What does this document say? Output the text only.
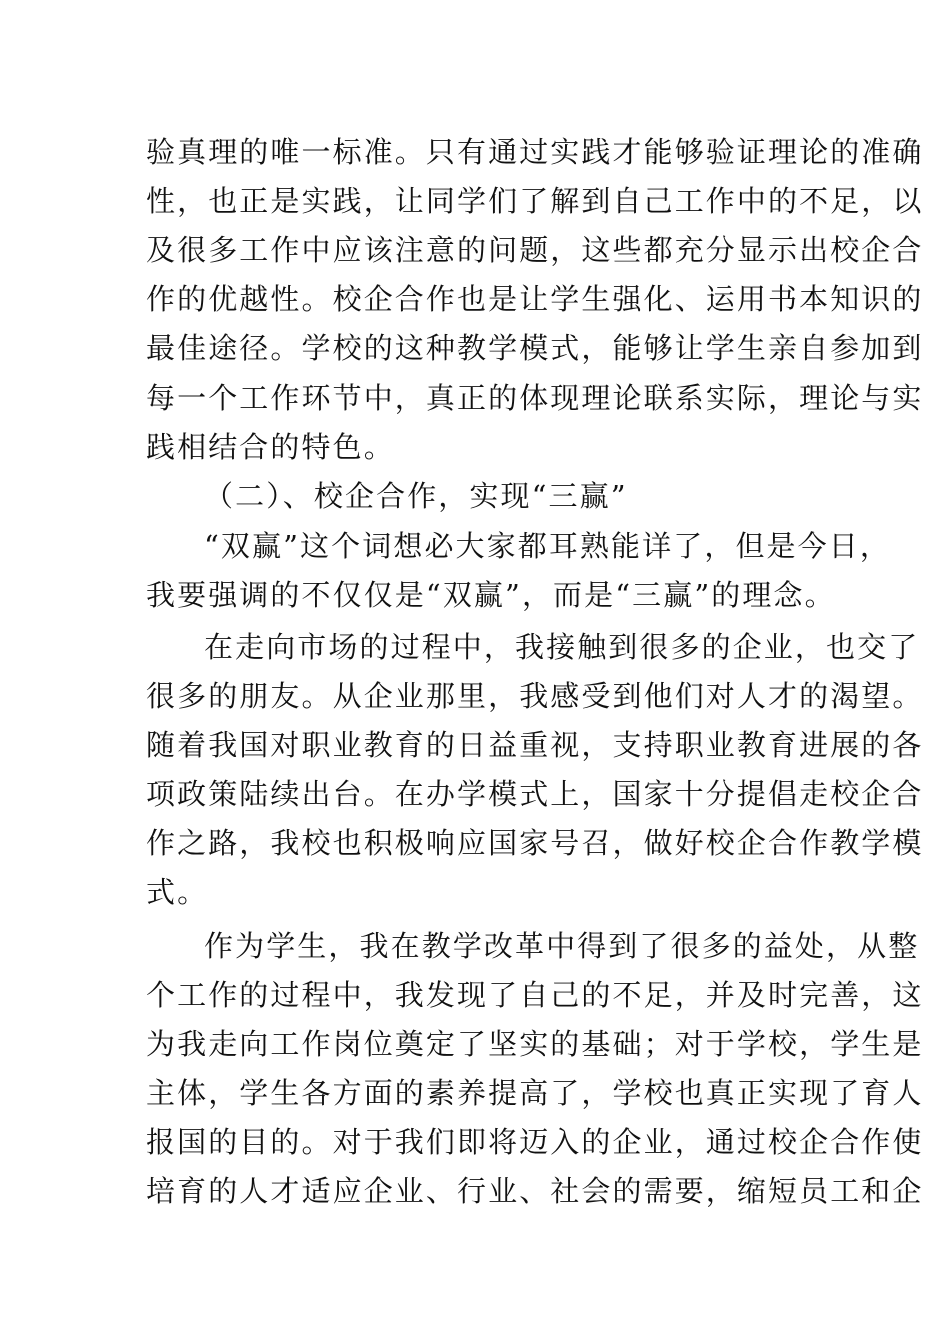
验真理的唯一标准。只有通过实践才能够验证理论的准确
性，也正是实践，让同学们了解到自己工作中的不足，以
及很多工作中应该注意的问题，这些都充分显示出校企合
作的优越性。校企合作也是让学生强化、运用书本知识的
最佳途径。学校的这种教学模式，能够让学生亲自参加到
每一个工作环节中，真正的体现理论联系实际，理论与实
践相结合的特色。
（二）、校企合作，实现“三赢”
“双赢”这个词想必大家都耳熟能详了，但是今日，
我要强调的不仅仅是“双赢”，而是“三赢”的理念。
在走向市场的过程中，我接触到很多的企业，也交了
很多的朋友。从企业那里，我感受到他们对人才的渴望。
随着我国对职业教育的日益重视，支持职业教育进展的各
项政策陆续出台。在办学模式上，国家十分提倡走校企合
作之路，我校也积极响应国家号召，做好校企合作教学模
式。
作为学生，我在教学改革中得到了很多的益处，从整
个工作的过程中，我发现了自己的不足，并及时完善，这
为我走向工作岗位奠定了坚实的基础；对于学校，学生是
主体，学生各方面的素养提高了，学校也真正实现了育人
报国的目的。对于我们即将迈入的企业，通过校企合作使
培育的人才适应企业、行业、社会的需要，缩短员工和企
